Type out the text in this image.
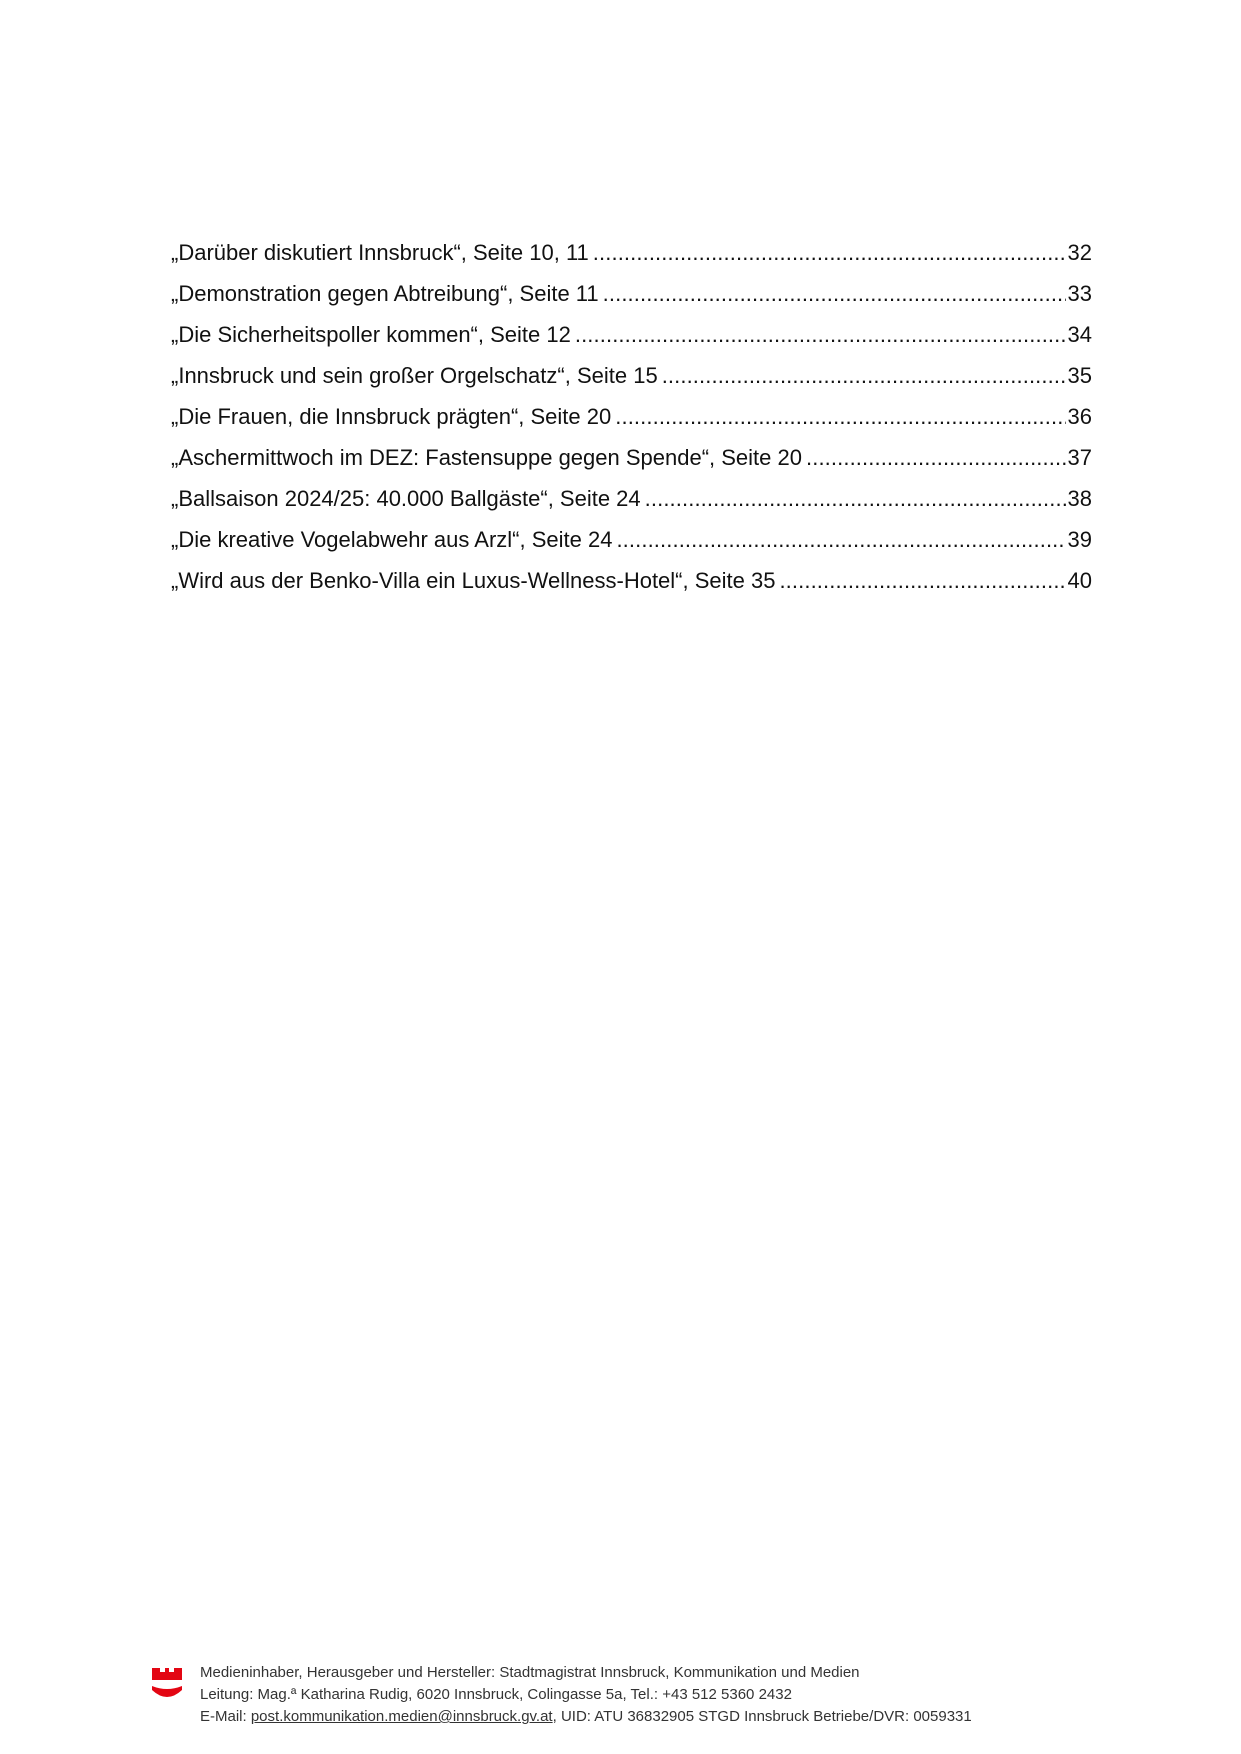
„Darüber diskutiert Innsbruck“, Seite 10, 11 . . .	32
„Demonstration gegen Abtreibung“, Seite 11 . . .	33
„Die Sicherheitspoller kommen“, Seite 12 . . .	34
„Innsbruck und sein großer Orgelschatz“, Seite 15 . . .	35
„Die Frauen, die Innsbruck prägten“, Seite 20 . . .	36
„Aschermittwoch im DEZ: Fastensuppe gegen Spende“, Seite 20 . . .	37
„Ballsaison 2024/25: 40.000 Ballgäste“, Seite 24 . . .	38
„Die kreative Vogelabwehr aus Arzl“, Seite 24 . . .	39
„Wird aus der Benko-Villa ein Luxus-Wellness-Hotel“, Seite 35 . . .	40
Medieninhaber, Herausgeber und Hersteller: Stadtmagistrat Innsbruck, Kommunikation und Medien
Leitung: Mag.ª Katharina Rudig, 6020 Innsbruck, Colingasse 5a, Tel.: +43 512 5360 2432
E-Mail: post.kommunikation.medien@innsbruck.gv.at, UID: ATU 36832905 STGD Innsbruck Betriebe/DVR: 0059331
